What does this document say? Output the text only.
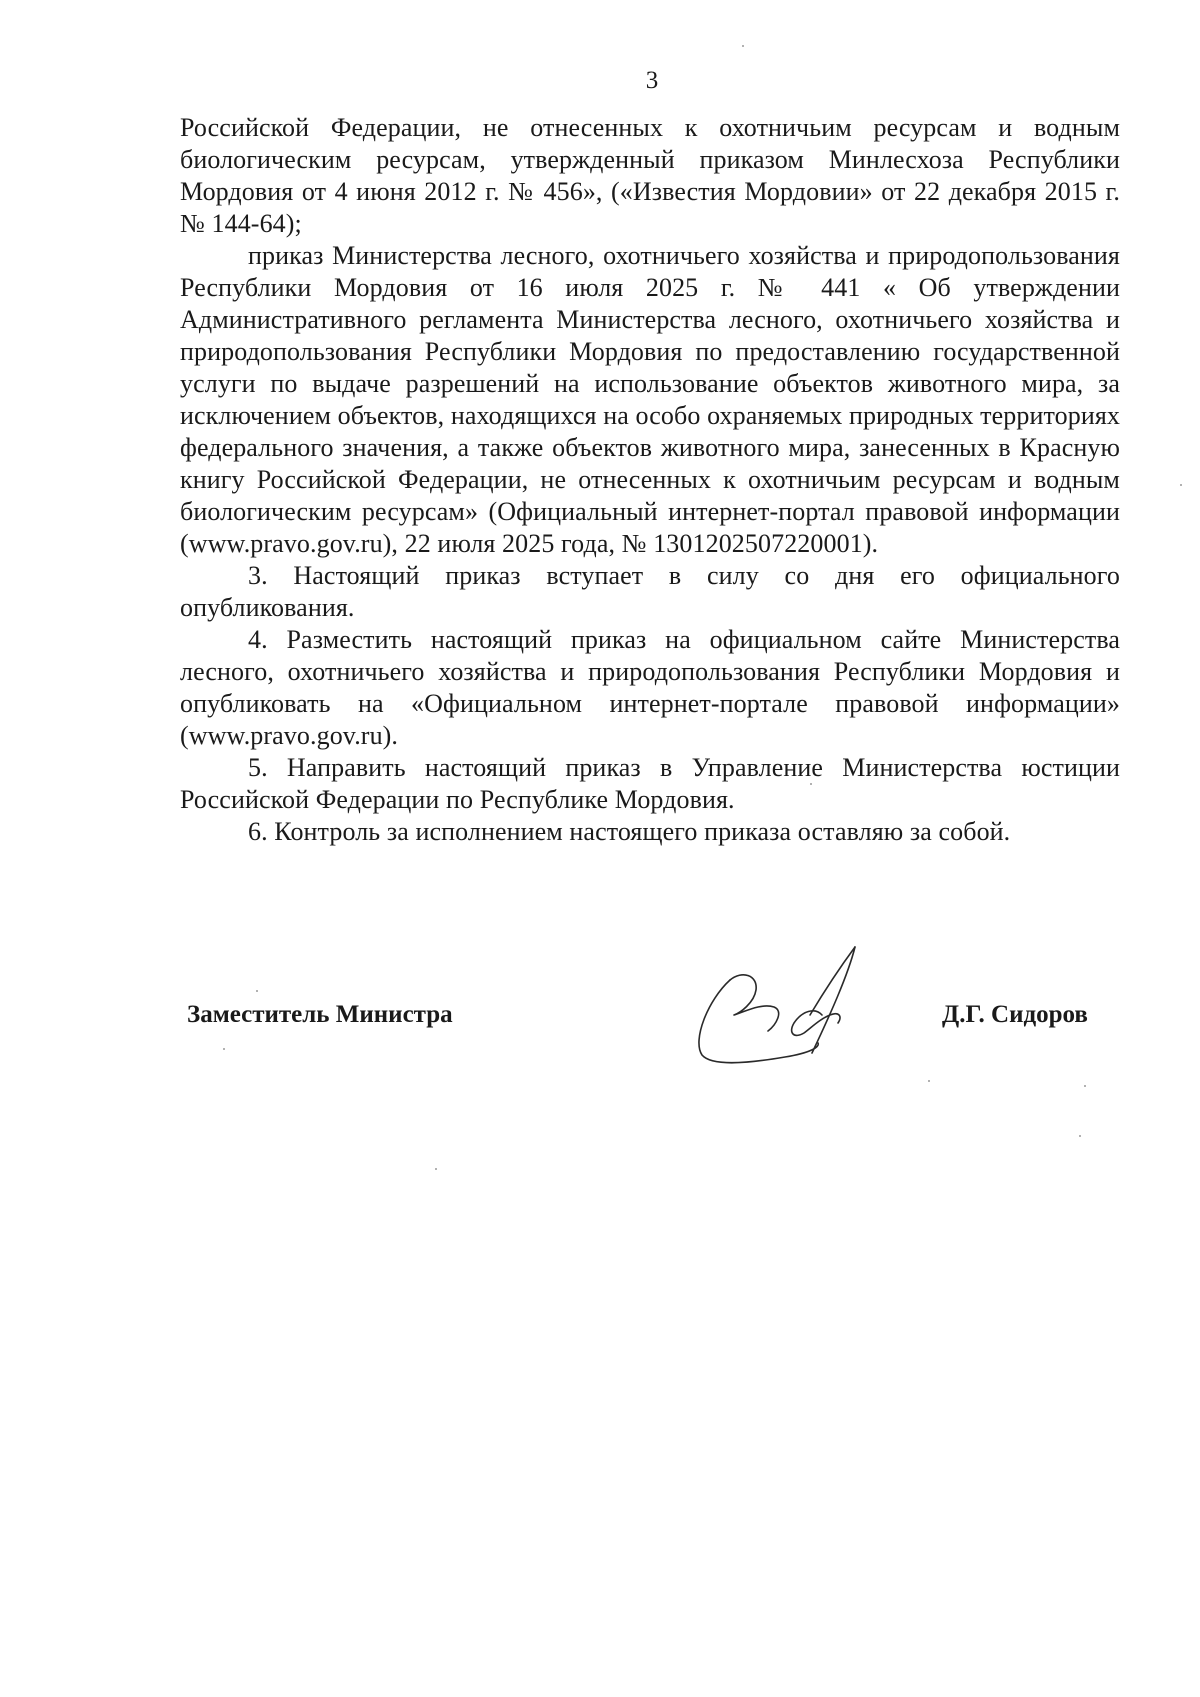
3

Российской Федерации, не отнесенных к охотничьим ресурсам и водным биологическим ресурсам, утвержденный приказом Минлесхоза Республики Мордовия от 4 июня 2012 г. № 456», («Известия Мордовии» от 22 декабря 2015 г. № 144-64);

приказ Министерства лесного, охотничьего хозяйства и природопользования Республики Мордовия от 16 июля 2025 г. № 441 « Об утверждении Административного регламента Министерства лесного, охотничьего хозяйства и природопользования Республики Мордовия по предоставлению государственной услуги по выдаче разрешений на использование объектов животного мира, за исключением объектов, находящихся на особо охраняемых природных территориях федерального значения, а также объектов животного мира, занесенных в Красную книгу Российской Федерации, не отнесенных к охотничьим ресурсам и водным биологическим ресурсам» (Официальный интернет-портал правовой информации (www.pravo.gov.ru), 22 июля 2025 года, № 1301202507220001).

3. Настоящий приказ вступает в силу со дня его официального опубликования.

4. Разместить настоящий приказ на официальном сайте Министерства лесного, охотничьего хозяйства и природопользования Республики Мордовия и опубликовать на «Официальном интернет-портале правовой информации» (www.pravo.gov.ru).

5. Направить настоящий приказ в Управление Министерства юстиции Российской Федерации по Республике Мордовия.

6. Контроль за исполнением настоящего приказа оставляю за собой.

Заместитель Министра	Д.Г. Сидоров
